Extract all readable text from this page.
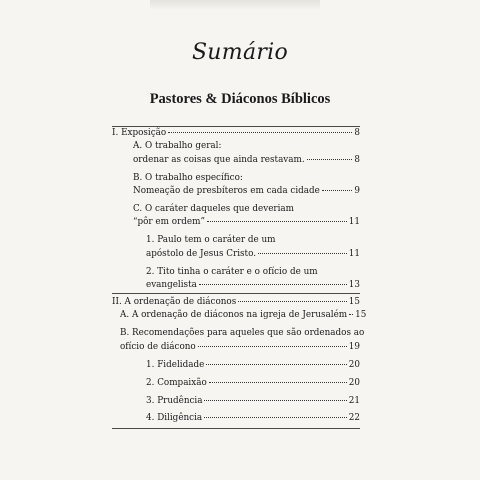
Sumário
Pastores & Diáconos Bíblicos
I. Exposição	8
A. O trabalho geral:
ordenar as coisas que ainda restavam.	8
B. O trabalho específico:
Nomeação de presbíteros em cada cidade	9
C. O caráter daqueles que deveriam
“pôr em ordem”	11
1. Paulo tem o caráter de um
apóstolo de Jesus Cristo.	11
2. Tito tinha o caráter e o ofício de um
evangelista	13
II. A ordenação de diáconos	15
A. A ordenação de diáconos na igreja de Jerusalém 15
B. Recomendações para aqueles que são ordenados ao
ofício de diácono	19
1. Fidelidade	20
2. Compaixão	20
3. Prudência	21
4. Diligência	22
